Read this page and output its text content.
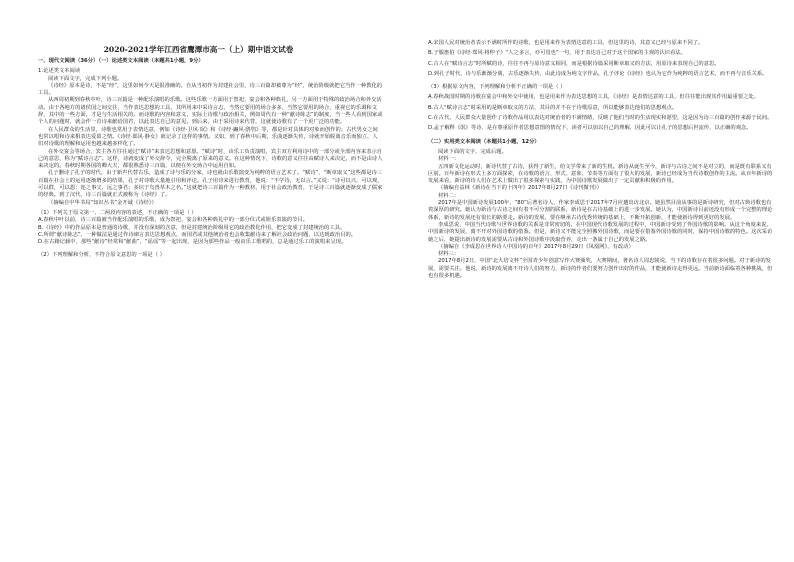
2020-2021学年江西省鹰潭市高一（上）期中语文试卷

一、现代文阅读（36分）（一）论述类文本阅读（本题共1小题，9分）

1.论述类文本阅读

阅读下面文字，完成下列小题。

《诗经》原本是诗，不是“经”，这里如何今天是很准确的。自从当初作为封建社会里，诗三百篇却被尊为“经”，统治阶级就把它当作一种教化的工具。

从西周初期到春秋中叶，诗三百篇是一种配乐演唱的乐歌。这些乐歌一方面用于祭祀、宴会和各种典礼，另一方面用于特殊的政治场合和外交活动。由于各地方的诸侯国之间交往，当作表达思想的工具，其所用来中采诗言志，当然它要用的场合多多，当然它要用的场合，重视它的乐调和文辞，其中的一些方面，才是与生活相关的。而诗歌的内容和意义，实际上诗歌与政治相关，例如周代有一种“献诗陈志”的制度，当一些人看到国家或个人的问题时，就会作一首诗来献给国君，以此表达自己的意见。到后来，由于采用诗来代替，这就使诗歌有了一个更广泛的功能。

在人民群众的生活里，诗歌也常用于表情达意，例如《诗经·卫风·氓》和《诗经·豳风·鸱鸮》等，都是针对具体的对象而创作的；古代男女之间也常以唱和诗来相表达爱慕之情。《诗经·邶风·静女》就记录了这样的事情。又如，到了春秋中后期，乐曲逐渐失传，诗就开始脱离音乐而独立，人们对诗歌的理解和运用也越来越多样化了。

在外交宴会等场合，宾主各方往往通过“赋诗”来表达思想和意愿。“赋诗”时，由乐工负责演唱，宾主双方利用诗中的一部分或全部内容来表示自己的意思，称为“赋诗言志”。这样，诗就变成了外交辞令，完全脱离了原来的意义。在这种情况下，诗歌的意义往往由赋诗人来决定，而不是由诗人来决定的。春秋时期各国的卿大夫，都很熟悉诗三百篇，以便在外交场合中运用自如。

孔子删诗了孔子的时代，由于新声代替古乐，造成了诗与乐的分家，诗也就由乐歌演变为纯粹的语言艺术了。“赋诗”、“断章取义”这些都是诗三百篇在社会上的运用逐渐增多的结果，孔子对诗歌大量地引用和评论。孔子用诗来进行教育，他说：“不学诗，无以言。”又说：“诗可以兴，可以观，可以群，可以怨；迩之事父，远之事君；多识于鸟兽草木之名。”这就把诗三百篇作为一种教材，用于社会政治教育，于是诗三百篇就逐渐变成了儒家的经典。到了汉代，诗三百篇就正式被称为《诗经》了。

（摘编自中华书局“知识丛书”金开诚《诗经》）

（1）下列关于原文第一、二两段内容的表述，不正确的一项是（ ）

A.春秋中叶以前，诗三百篇被当作配乐演唱的乐歌，成为祭祀、宴会和各种典礼中的一部分仪式或娱乐表演的节目。

B.《诗经》中的作品原本是普通的诗歌，并没有深刻的含意，但是封建统治阶级用它的政治教化作用，把它变成了封建统治的工具。

C.所谓“献诗陈志”，一种做法是通过作诗谏言表达思想观点，而国君或其他统治者也会收集献诗来了解社会政治问题，以达到政治目的。

D.在古籍记载中，那些“献诗”经常和“献曲”，“谣谣”等一起出现，是因为那些作品一般由乐工歌唱的，总是通过乐工的演唱来呈现。

（2）下列理解和分析，不符合原文意思的一项是（ ）

A.宋国人民对统治者表示不满时所作的诗歌，也是用来作为表情达意的工具，但这里的诗，其意义已经与原来不同了。

B.子服惠伯《诗经·郑风·将仲子》“人之多言，亦可畏也”一句，用于表达自己对于这个国家的主观的认识看法。

C.古人在“赋诗言志”时所赋的诗，往往不再与原诗意义相同，而是根据诗篇采用断章取义的方法，用原诗来表现自己的意思。

D.到孔子时代，诗与乐渐渐分离，古乐逐渐失传，由此诗成为纯文字作品，孔子评论《诗经》也认为它作为纯粹的语言艺术，而不再与音乐关系。

（3）根据原文内容，下列理解和分析不正确的一项是（ ）

A.春秋战国时期的诗歌在宴会中和外交中使用，也是用来作为表达思想的工具，《诗经》是表情达意的工具，但往往能出现其作用最重要之处。

B.古人“赋诗言志”时采用的是断章取义的方法，其目的并不在于诗歌原意，所以能够表达他们的思想观点。

C.在古代，人民群众大量创作了诗歌作品用以表达对统治者的不满情绪，反映了他们当时的生活现实和愿望，这是因为诗三百篇的创作来源于民间。

D.孟子解释《氓》等诗，是在尊重原作者思想意图的情况下，读者可以加以自己的理解，因此可以让孔子的思想后世流传，以正确的观念。

（二）实用类文本阅读（本题共1小题，12分）

阅读下面的文字，完成后题。

材料一：

五四新文化运动时，新诗代替了古诗，获得了新生，给文学带来了新的生机。新诗从诞生至今，新诗与古诗之间不是对立的，而是既有联系又有区别。百年新诗在形式上多方面探索，在诗歌的语言、形式、意象、节奏等方面有了很大的发展，新诗已经成为当代诗歌创作的主流。从百年新诗的发展来看，新诗的诗人们在艺术上做出了很多探索与实践，为中国诗歌发展做出了一定贡献和积极的作用。

（摘编自益林《新诗在当下的十四年》2017年8月27日《诗刊微刊》）

材料二：

2017年是中国新诗发展100年，“80”后著名诗人、作家李成思于2017年7月应邀出访北京。她虽然目前从事的是新诗研究，但对古典诗歌也有着深厚的研究。她认为新诗与古诗之间有着不可分割的联系，新诗是在古诗基础上的进一步发展。她认为，中国新诗目前还没有形成一个完整的理论体系，新诗的发展还有很长的路要走。新诗的发展，要在继承古诗优秀传统的基础上，不断开拓创新，才能使新诗得到更好的发展。

李成思说，中国当代诗歌与世界诗歌的关系是非常密切的。在中国现代诗歌发展的过程中，中国新诗受到了外国诗歌的影响。从这个角度来说，中国新诗的发展，离不开对外国诗歌的借鉴。但是，新诗又不能完全照搬外国诗歌，而是要在借鉴外国诗歌的同时，保持中国诗歌的特色。这次采访她之后，她提出新诗的发展需要从古诗和外国诗歌中汲取营养，走出一条属于自己的发展之路。

（摘编自《李成思在世界诗人中国诗的百年》2017年8月29日《凤凰网》，有改动）

材料三：

2017年8月2日，中国“北大培文杯”全国青少年创意写作大赛颁奖，大赛期间，著名诗人周忠陵说，当下的诗歌存在着很多问题。对于新诗的发展，需要关注。他说，新诗的发展离不开诗人们的努力，新诗的作者们要努力创作出好的作品，才能使新诗走得更远。当前新诗面临着各种挑战，但也有很多机遇。
